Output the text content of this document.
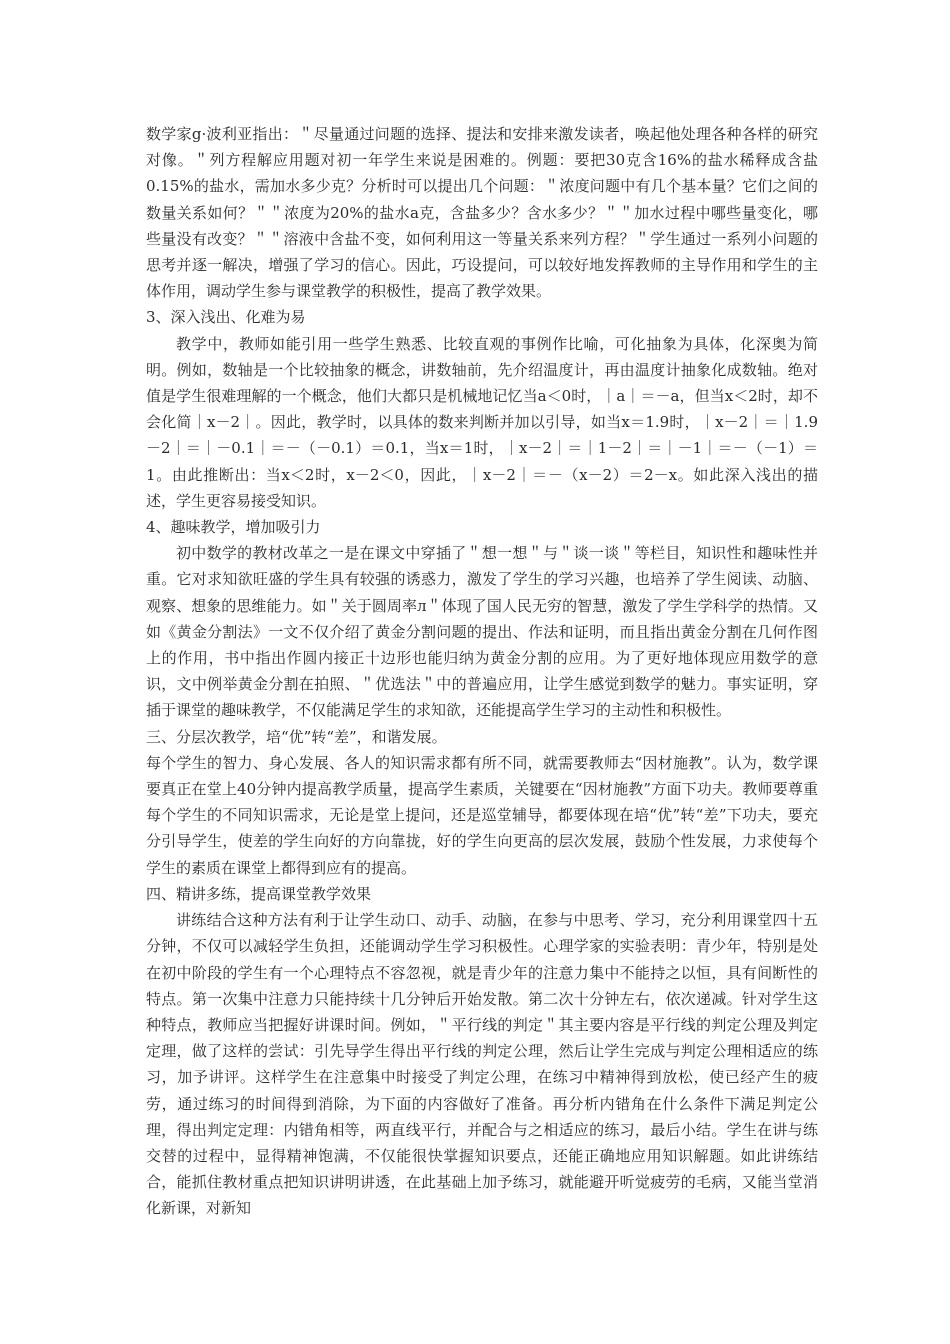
数学家g·波利亚指出：＂尽量通过问题的选择、提法和安排来激发读者，唤起他处理各种各样的研究对像。＂列方程解应用题对初一年学生来说是困难的。例题：要把30克含16%的盐水稀释成含盐0.15%的盐水，需加水多少克？分析时可以提出几个问题：＂浓度问题中有几个基本量？它们之间的数量关系如何？＂＂浓度为20%的盐水a克，含盐多少？含水多少？＂＂加水过程中哪些量变化，哪些量没有改变？＂＂溶液中含盐不变，如何利用这一等量关系来列方程？＂学生通过一系列小问题的思考并逐一解决，增强了学习的信心。因此，巧设提问，可以较好地发挥教师的主导作用和学生的主体作用，调动学生参与课堂教学的积极性，提高了教学效果。

3、深入浅出、化难为易

教学中，教师如能引用一些学生熟悉、比较直观的事例作比喻，可化抽象为具体，化深奥为简明。例如，数轴是一个比较抽象的概念，讲数轴前，先介绍温度计，再由温度计抽象化成数轴。绝对值是学生很难理解的一个概念，他们大都只是机械地记忆当a＜0时，｜a｜＝－a，但当x＜2时，却不会化简｜x－2｜。因此，教学时，以具体的数来判断并加以引导，如当x＝1.9时，｜x－2｜＝｜1.9－2｜＝｜－0.1｜＝－（－0.1）＝0.1，当x＝1时，｜x－2｜＝｜1－2｜＝｜－1｜＝－（－1）＝1。由此推断出：当x＜2时，x－2＜0，因此，｜x－2｜＝－（x－2）＝2－x。如此深入浅出的描述，学生更容易接受知识。

4、趣味教学，增加吸引力

初中数学的教材改革之一是在课文中穿插了＂想一想＂与＂谈一谈＂等栏目，知识性和趣味性并重。它对求知欲旺盛的学生具有较强的诱惑力，激发了学生的学习兴趣，也培养了学生阅读、动脑、观察、想象的思维能力。如＂关于圆周率л＂体现了国人民无穷的智慧，激发了学生学科学的热情。又如《黄金分割法》一文不仅介绍了黄金分割问题的提出、作法和证明，而且指出黄金分割在几何作图上的作用，书中指出作圆内接正十边形也能归纳为黄金分割的应用。为了更好地体现应用数学的意识，文中例举黄金分割在拍照、＂优选法＂中的普遍应用，让学生感觉到数学的魅力。事实证明，穿插于课堂的趣味教学，不仅能满足学生的求知欲，还能提高学生学习的主动性和积极性。

三、分层次教学，培“优”转“差”，和谐发展。

每个学生的智力、身心发展、各人的知识需求都有所不同，就需要教师去“因材施教”。认为，数学课要真正在堂上40分钟内提高教学质量，提高学生素质，关键要在“因材施教”方面下功夫。教师要尊重每个学生的不同知识需求，无论是堂上提问，还是巡堂辅导，都要体现在培“优”转“差”下功夫，要充分引导学生，使差的学生向好的方向靠拢，好的学生向更高的层次发展，鼓励个性发展，力求使每个学生的素质在课堂上都得到应有的提高。

四、精讲多练，提高课堂教学效果

讲练结合这种方法有利于让学生动口、动手、动脑，在参与中思考、学习，充分利用课堂四十五分钟，不仅可以减轻学生负担，还能调动学生学习积极性。心理学家的实验表明：青少年，特别是处在初中阶段的学生有一个心理特点不容忽视，就是青少年的注意力集中不能持之以恒，具有间断性的特点。第一次集中注意力只能持续十几分钟后开始发散。第二次十分钟左右，依次递减。针对学生这种特点，教师应当把握好讲课时间。例如，＂平行线的判定＂其主要内容是平行线的判定公理及判定定理，做了这样的尝试：引先导学生得出平行线的判定公理，然后让学生完成与判定公理相适应的练习，加予讲评。这样学生在注意集中时接受了判定公理，在练习中精神得到放松，使已经产生的疲劳，通过练习的时间得到消除，为下面的内容做好了准备。再分析内错角在什么条件下满足判定公理，得出判定定理：内错角相等，两直线平行，并配合与之相适应的练习，最后小结。学生在讲与练交替的过程中，显得精神饱满，不仅能很快掌握知识要点，还能正确地应用知识解题。如此讲练结合，能抓住教材重点把知识讲明讲透，在此基础上加予练习，就能避开听觉疲劳的毛病，又能当堂消化新课，对新知
